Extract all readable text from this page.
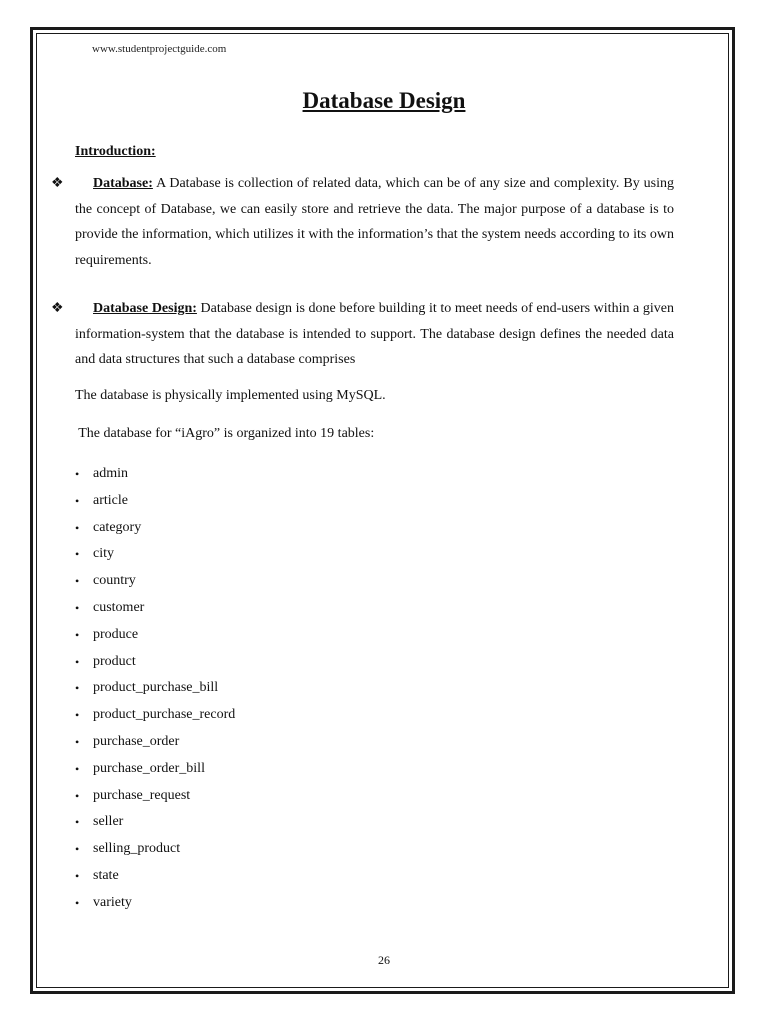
www.studentprojectguide.com
Database Design
Introduction:
❖	Database: A Database is collection of related data, which can be of any size and complexity. By using the concept of Database, we can easily store and retrieve the data. The major purpose of a database is to provide the information, which utilizes it with the information’s that the system needs according to its own requirements.
❖	Database Design: Database design is done before building it to meet needs of end-users within a given information-system that the database is intended to support. The database design defines the needed data and data structures that such a database comprises
The database is physically implemented using MySQL.
The database for “iAgro” is organized into 19 tables:
• admin
• article
• category
• city
• country
• customer
• produce
• product
• product_purchase_bill
• product_purchase_record
• purchase_order
• purchase_order_bill
• purchase_request
• seller
• selling_product
• state
• variety
26
